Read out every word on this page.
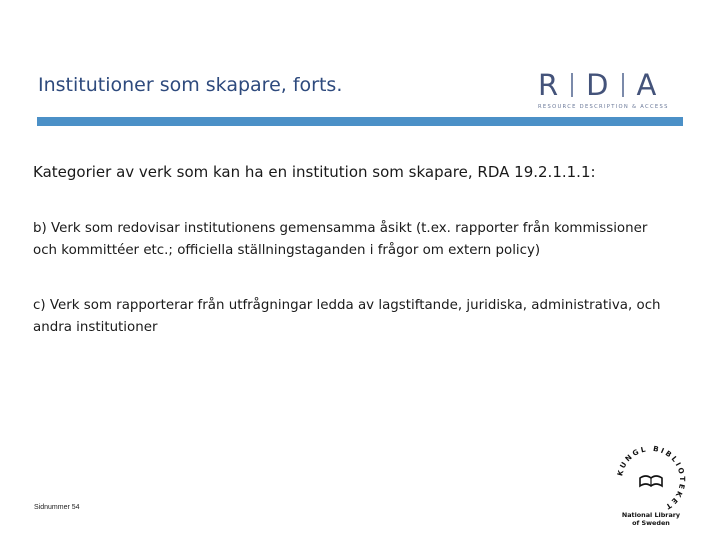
Institutioner som skapare, forts.	R D A
RESOURCE DESCRIPTION & ACCESS
Kategorier av verk som kan ha en institution som skapare, RDA 19.2.1.1.1:
b) Verk som redovisar institutionens gemensamma åsikt (t.ex. rapporter från kommissioner och kommittéer etc.; officiella ställningstaganden i frågor om extern policy)
c) Verk som rapporterar från utfrågningar ledda av lagstiftande, juridiska, administrativa, och andra institutioner
Sidnummer 54
KUNGL BIBLIOTEKET
National Library
of Sweden
